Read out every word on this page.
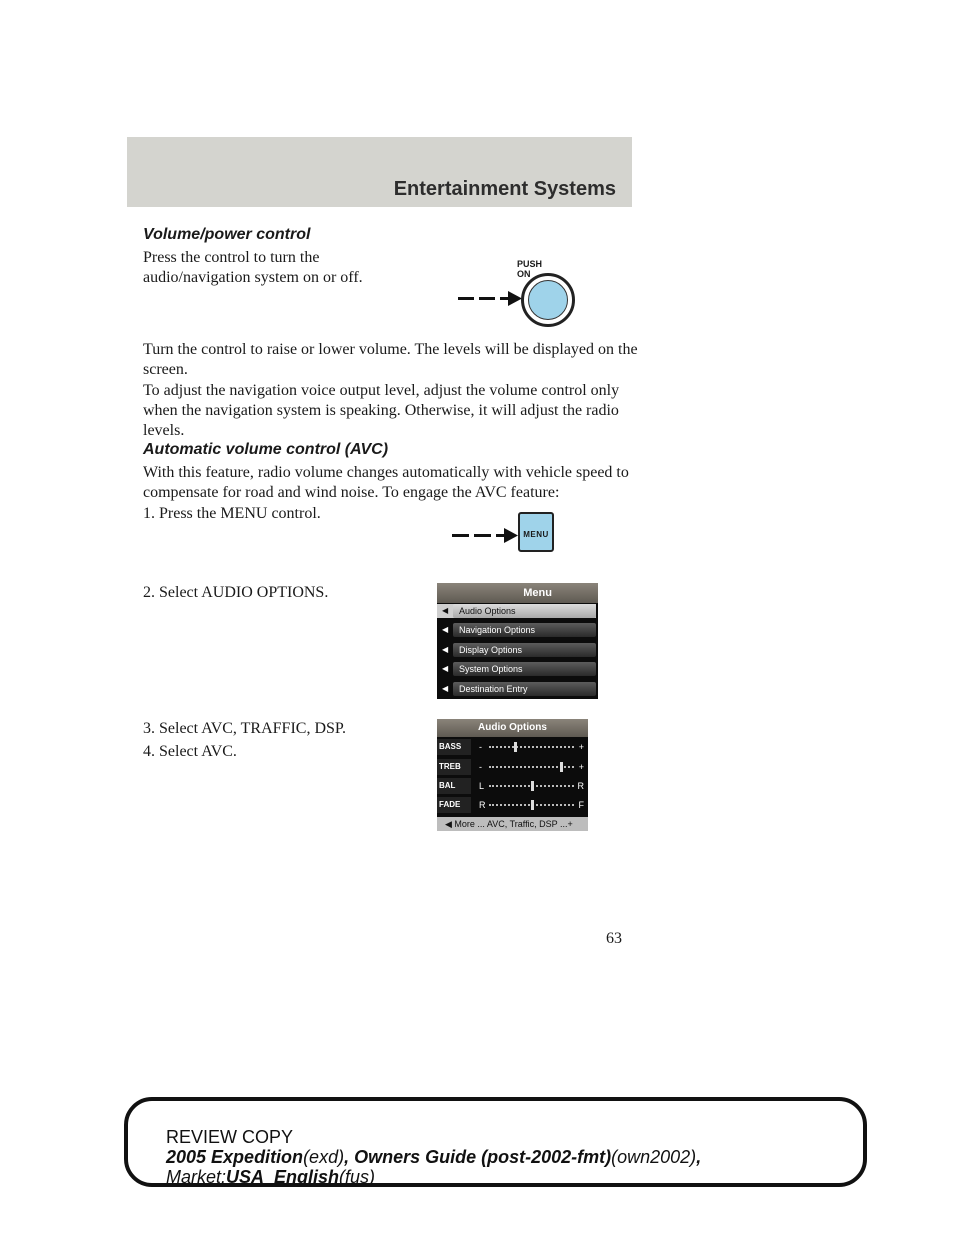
Entertainment Systems
Volume/power control
Press the control to turn the audio/navigation system on or off.
PUSH
ON
Turn the control to raise or lower volume. The levels will be displayed on the screen.
To adjust the navigation voice output level, adjust the volume control only when the navigation system is speaking. Otherwise, it will adjust the radio levels.
Automatic volume control (AVC)
With this feature, radio volume changes automatically with vehicle speed to compensate for road and wind noise. To engage the AVC feature:
1. Press the MENU control.
MENU
2. Select AUDIO OPTIONS.	Menu
◀	Audio Options
◀	Navigation Options
◀	Display Options
◀	System Options
◀	Destination Entry
3. Select AVC, TRAFFIC, DSP.
4. Select AVC.
Audio Options
BASS	-	+
TREB	-	+
BAL	L	R
FADE	R	F
◀ More ... AVC, Traffic, DSP ...+
63
REVIEW COPY
2005 Expedition(exd), Owners Guide (post-2002-fmt)(own2002),
Market:USA_English(fus)
